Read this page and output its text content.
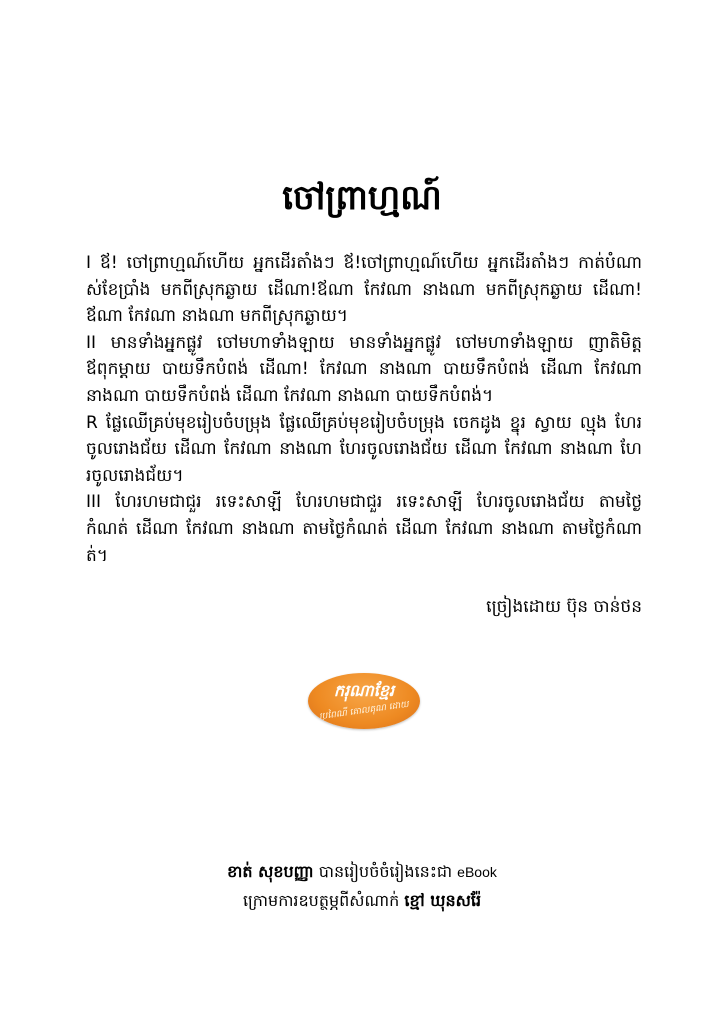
ចៅព្រាហ្មណ៍
I ឪ! ចៅព្រាហ្មណ៍ហើយ អ្នកដើរតាំងៗ ឪ!ចៅព្រាហ្មណ៍ហើយ អ្នកដើរតាំងៗ កាត់បំណា
ស់ខែប្រាំង មកពីស្រុកឆ្ងាយ ដើណា!ឪណា កែវណា នាងណា មកពីស្រុកឆ្ងាយ ដើណា!
ឪណា កែវណា នាងណា មកពីស្រុកឆ្ងាយ។
II មានទាំងអ្នកផ្លូវ ចៅមហាទាំងឡាយ មានទាំងអ្នកផ្លូវ ចៅមហាទាំងឡាយ ញាតិមិត្ត
ឪពុកម្តាយ បាយទឹកបំពង់ ដើណា! កែវណា នាងណា បាយទឹកបំពង់ ដើណា កែវណា
នាងណា បាយទឹកបំពង់ ដើណា កែវណា នាងណា បាយទឹកបំពង់។
R ផ្លែឈើគ្រប់មុខរៀបចំបម្រុង ផ្លែឈើគ្រប់មុខរៀបចំបម្រុង ចេកដូង ខ្នុរ ស្វាយ ល្មុង ហែរ
ចូលរោងជ័យ ដើណា កែវណា នាងណា ហែរចូលរោងជ័យ ដើណា កែវណា នាងណា ហែ
រចូលរោងជ័យ។
III ហែរហមជាជួរ រទេះសាឡី ហែរហមជាជួរ រទេះសាឡី ហែរចូលរោងជ័យ តាមថ្ងៃ
កំណត់ ដើណា កែវណា នាងណា តាមថ្ងៃកំណត់ ដើណា កែវណា នាងណា តាមថ្ងៃកំណា
ត់។
ច្រៀងដោយ ប៊ុន ចាន់ថន
ករុណាខ្មែរ
ប្រពៃណី គោលគុណ ដោយ
ខាត់ សុខបញ្ញា បានរៀបចំចំរៀងនេះជា eBook
ក្រោមការឧបត្ថម្ភពីសំណាក់ ខ្មៅ ឃុនសរ៉ែ
